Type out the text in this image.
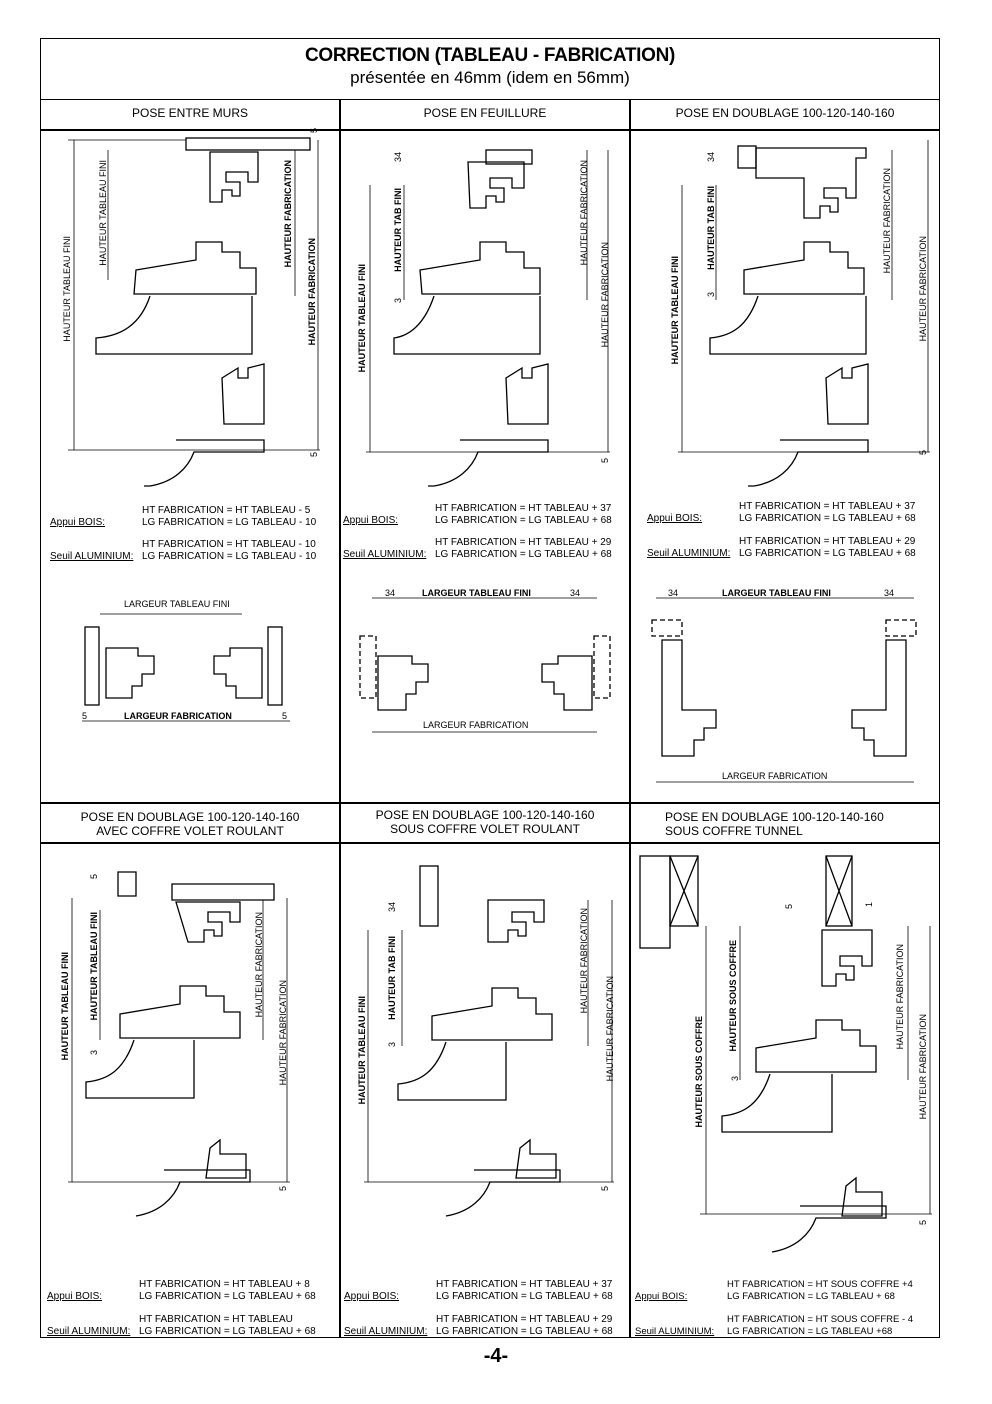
CORRECTION (TABLEAU - FABRICATION)
présentée en 46mm (idem en 56mm)
POSE ENTRE MURS	POSE EN FEUILLURE	POSE EN DOUBLAGE 100-120-140-160
POSE EN DOUBLAGE 100-120-140-160
AVEC COFFRE VOLET ROULANT
POSE EN DOUBLAGE 100-120-140-160
SOUS COFFRE VOLET ROULANT
POSE EN DOUBLAGE 100-120-140-160
SOUS COFFRE TUNNEL
HAUTEUR TABLEAU FINI
HAUTEUR TABLEAU FINI	HAUTEUR FABRICATION
HAUTEUR FABRICATION
5
5
LARGEUR TABLEAU FINI
LARGEUR FABRICATION
5	5
HAUTEUR TABLEAU FINI
HAUTEUR TAB FINI	HAUTEUR FABRICATION
HAUTEUR FABRICATION
34
3
5
34	34
LARGEUR TABLEAU FINI
LARGEUR FABRICATION
HAUTEUR TABLEAU FINI
HAUTEUR TAB FINI	HAUTEUR FABRICATION
HAUTEUR FABRICATION
34
3
5
34	34
LARGEUR TABLEAU FINI
LARGEUR FABRICATION
HAUTEUR TABLEAU FINI HAUTEUR TABLEAU FINI	HAUTEUR FABRICATION
HAUTEUR FABRICATION
5
3
5
HAUTEUR TABLEAU FINI
HAUTEUR TAB FINI	HAUTEUR FABRICATION
HAUTEUR FABRICATION
34
3
5
HAUTEUR SOUS COFFRE
HAUTEUR SOUS COFFRE	HAUTEUR FABRICATION
HAUTEUR FABRICATION
5	1
3
5
Appui BOIS:
HT FABRICATION = HT TABLEAU - 5
LG FABRICATION = LG TABLEAU - 10
Seuil ALUMINIUM:
HT FABRICATION = HT TABLEAU - 10
LG FABRICATION = LG TABLEAU - 10
Appui BOIS:
HT FABRICATION = HT TABLEAU + 37
LG FABRICATION = LG TABLEAU + 68
Seuil ALUMINIUM:
HT FABRICATION = HT TABLEAU + 29
LG FABRICATION = LG TABLEAU + 68
Appui BOIS:
HT FABRICATION = HT TABLEAU + 37
LG FABRICATION = LG TABLEAU + 68
Seuil ALUMINIUM:
HT FABRICATION = HT TABLEAU + 29
LG FABRICATION = LG TABLEAU + 68
Appui BOIS:
HT FABRICATION = HT TABLEAU + 8
LG FABRICATION = LG TABLEAU + 68
Seuil ALUMINIUM:
HT FABRICATION = HT TABLEAU
LG FABRICATION = LG TABLEAU + 68
Appui BOIS:
HT FABRICATION = HT TABLEAU + 37
LG FABRICATION = LG TABLEAU + 68
Seuil ALUMINIUM:
HT FABRICATION = HT TABLEAU + 29
LG FABRICATION = LG TABLEAU + 68
Appui BOIS:
HT FABRICATION = HT SOUS COFFRE +4
LG FABRICATION = LG TABLEAU + 68
Seuil ALUMINIUM:
HT FABRICATION = HT SOUS COFFRE - 4
LG FABRICATION = LG TABLEAU +68
-4-
